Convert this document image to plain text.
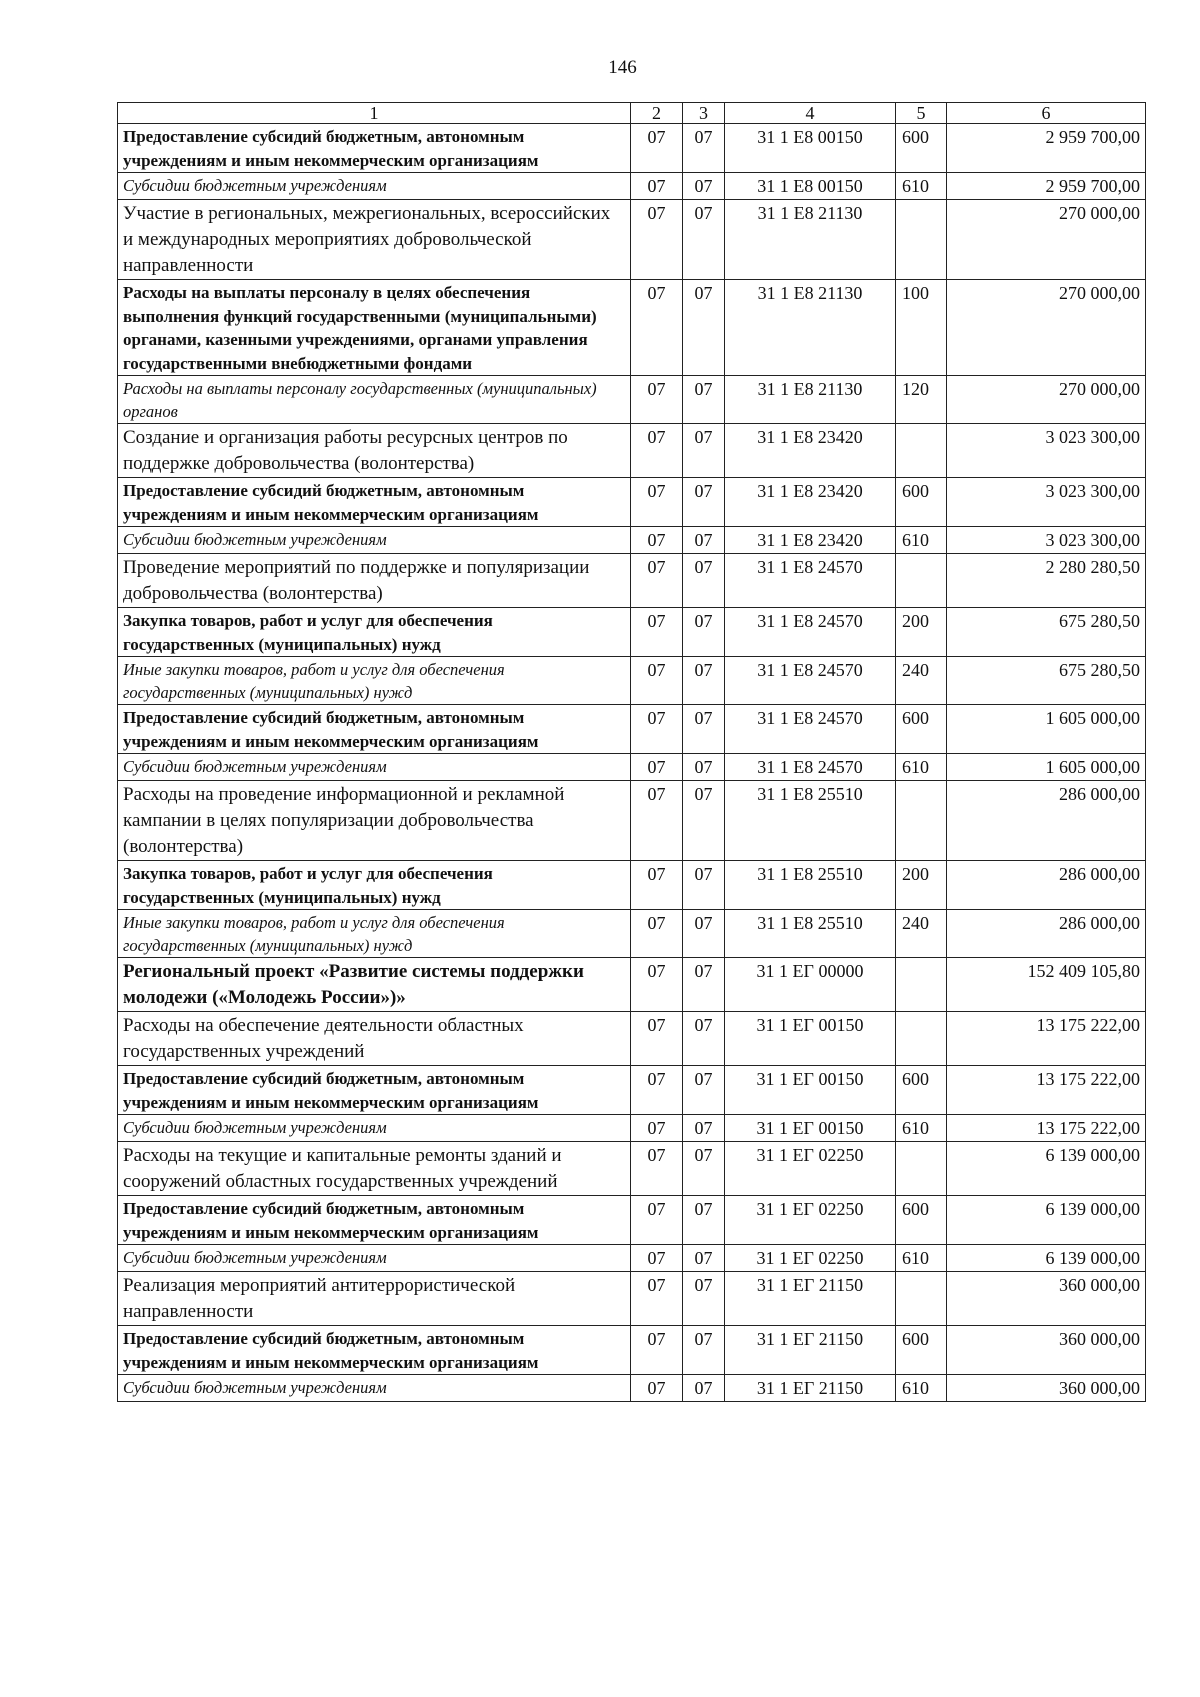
146
1	2	3	4	5	6
Предоставление субсидий бюджетным, автономным учреждениям и иным некоммерческим организациям	07	07	31 1 Е8 00150	600	2 959 700,00
Субсидии бюджетным учреждениям	07	07	31 1 Е8 00150	610	2 959 700,00
Участие в региональных, межрегиональных, всероссийских и международных мероприятиях добровольческой направленности	07	07	31 1 Е8 21130		270 000,00
Расходы на выплаты персоналу в целях обеспечения выполнения функций государственными (муниципальными) органами, казенными учреждениями, органами управления государственными внебюджетными фондами	07	07	31 1 Е8 21130	100	270 000,00
Расходы на выплаты персоналу государственных (муниципальных) органов	07	07	31 1 Е8 21130	120	270 000,00
Создание и организация работы ресурсных центров по поддержке добровольчества (волонтерства)	07	07	31 1 Е8 23420		3 023 300,00
Предоставление субсидий бюджетным, автономным учреждениям и иным некоммерческим организациям	07	07	31 1 Е8 23420	600	3 023 300,00
Субсидии бюджетным учреждениям	07	07	31 1 Е8 23420	610	3 023 300,00
Проведение мероприятий по поддержке и популяризации добровольчества (волонтерства)	07	07	31 1 Е8 24570		2 280 280,50
Закупка товаров, работ и услуг для обеспечения государственных (муниципальных) нужд	07	07	31 1 Е8 24570	200	675 280,50
Иные закупки товаров, работ и услуг для обеспечения государственных (муниципальных) нужд	07	07	31 1 Е8 24570	240	675 280,50
Предоставление субсидий бюджетным, автономным учреждениям и иным некоммерческим организациям	07	07	31 1 Е8 24570	600	1 605 000,00
Субсидии бюджетным учреждениям	07	07	31 1 Е8 24570	610	1 605 000,00
Расходы на проведение информационной и рекламной кампании в целях популяризации добровольчества (волонтерства)	07	07	31 1 Е8 25510		286 000,00
Закупка товаров, работ и услуг для обеспечения государственных (муниципальных) нужд	07	07	31 1 Е8 25510	200	286 000,00
Иные закупки товаров, работ и услуг для обеспечения государственных (муниципальных) нужд	07	07	31 1 Е8 25510	240	286 000,00
Региональный проект «Развитие системы поддержки молодежи («Молодежь России»)»	07	07	31 1 ЕГ 00000		152 409 105,80
Расходы на обеспечение деятельности областных государственных учреждений	07	07	31 1 ЕГ 00150		13 175 222,00
Предоставление субсидий бюджетным, автономным учреждениям и иным некоммерческим организациям	07	07	31 1 ЕГ 00150	600	13 175 222,00
Субсидии бюджетным учреждениям	07	07	31 1 ЕГ 00150	610	13 175 222,00
Расходы на текущие и капитальные ремонты зданий и сооружений областных государственных учреждений	07	07	31 1 ЕГ 02250		6 139 000,00
Предоставление субсидий бюджетным, автономным учреждениям и иным некоммерческим организациям	07	07	31 1 ЕГ 02250	600	6 139 000,00
Субсидии бюджетным учреждениям	07	07	31 1 ЕГ 02250	610	6 139 000,00
Реализация мероприятий антитеррористической направленности	07	07	31 1 ЕГ 21150		360 000,00
Предоставление субсидий бюджетным, автономным учреждениям и иным некоммерческим организациям	07	07	31 1 ЕГ 21150	600	360 000,00
Субсидии бюджетным учреждениям	07	07	31 1 ЕГ 21150	610	360 000,00
